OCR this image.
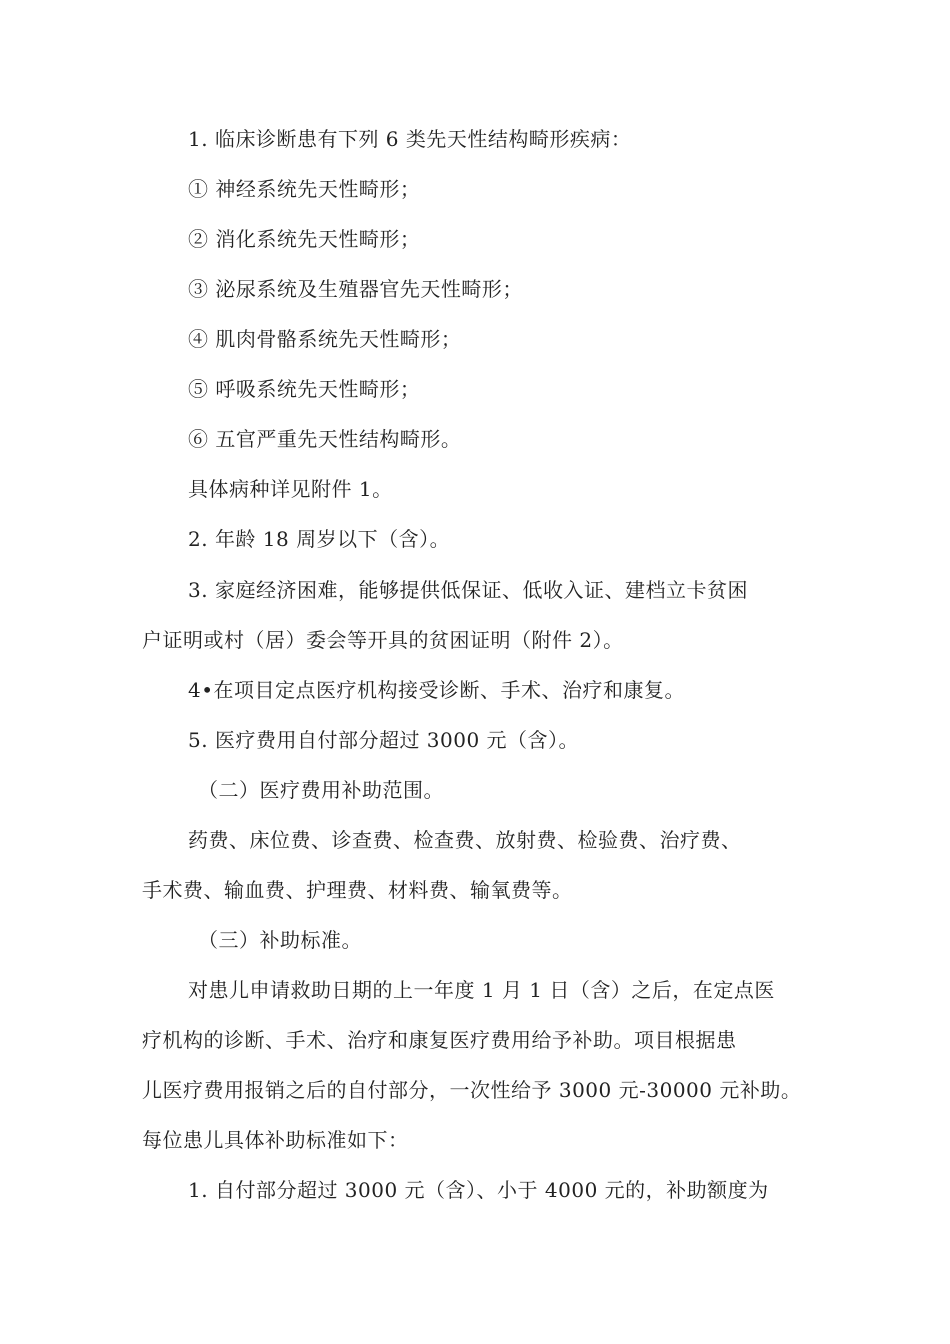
1. 临床诊断患有下列 6 类先天性结构畸形疾病：
① 神经系统先天性畸形；
② 消化系统先天性畸形；
③ 泌尿系统及生殖器官先天性畸形；
④ 肌肉骨骼系统先天性畸形；
⑤ 呼吸系统先天性畸形；
⑥ 五官严重先天性结构畸形。
具体病种详见附件 1。
2. 年龄 18 周岁以下（含）。
3. 家庭经济困难，能够提供低保证、低收入证、建档立卡贫困
户证明或村（居）委会等开具的贫困证明（附件 2）。
4•在项目定点医疗机构接受诊断、手术、治疗和康复。
5. 医疗费用自付部分超过 3000 元（含）。
（二）医疗费用补助范围。
药费、床位费、诊查费、检查费、放射费、检验费、治疗费、
手术费、输血费、护理费、材料费、输氧费等。
（三）补助标准。
对患儿申请救助日期的上一年度 1 月 1 日（含）之后，在定点医
疗机构的诊断、手术、治疗和康复医疗费用给予补助。项目根据患
儿医疗费用报销之后的自付部分，一次性给予 3000 元-30000 元补助。
每位患儿具体补助标准如下：
1. 自付部分超过 3000 元（含）、小于 4000 元的，补助额度为
